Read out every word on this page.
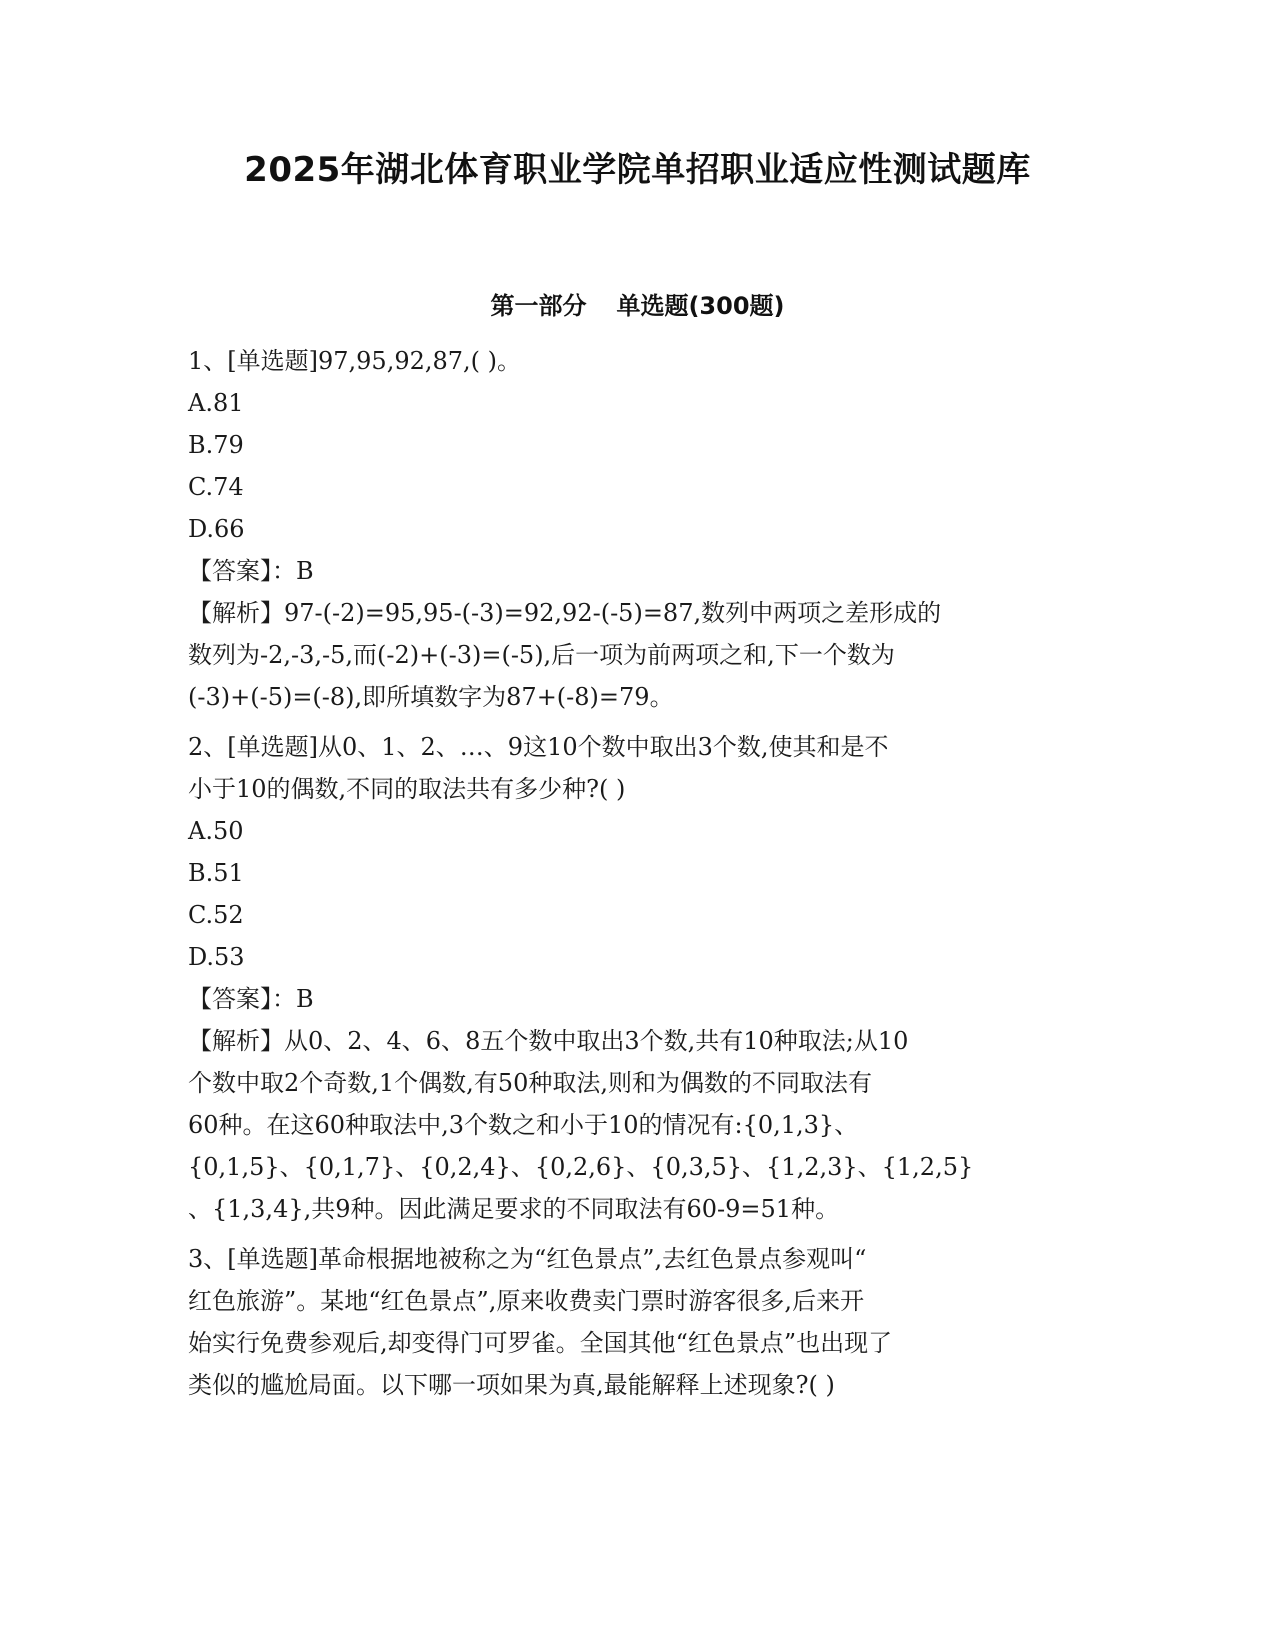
2025年湖北体育职业学院单招职业适应性测试题库
第一部分 单选题(300题)
1、[单选题]97,95,92,87,( )。
A.81
B.79
C.74
D.66
【答案】：B
【解析】97-(-2)=95,95-(-3)=92,92-(-5)=87,数列中两项之差形成的
数列为-2,-3,-5,而(-2)+(-3)=(-5),后一项为前两项之和,下一个数为
(-3)+(-5)=(-8),即所填数字为87+(-8)=79。
2、[单选题]从0、1、2、…、9这10个数中取出3个数,使其和是不
小于10的偶数,不同的取法共有多少种?( )
A.50
B.51
C.52
D.53
【答案】：B
【解析】从0、2、4、6、8五个数中取出3个数,共有10种取法;从10
个数中取2个奇数,1个偶数,有50种取法,则和为偶数的不同取法有
60种。在这60种取法中,3个数之和小于10的情况有:{0,1,3}、
{0,1,5}、{0,1,7}、{0,2,4}、{0,2,6}、{0,3,5}、{1,2,3}、{1,2,5}
、{1,3,4},共9种。因此满足要求的不同取法有60-9=51种。
3、[单选题]革命根据地被称之为“红色景点”,去红色景点参观叫“
红色旅游”。某地“红色景点”,原来收费卖门票时游客很多,后来开
始实行免费参观后,却变得门可罗雀。全国其他“红色景点”也出现了
类似的尴尬局面。以下哪一项如果为真,最能解释上述现象?( )
